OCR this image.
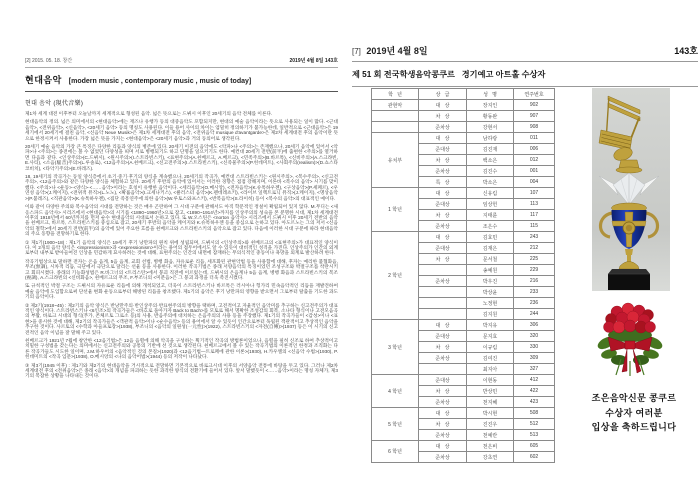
[2] 2015. 05. 18. 창간	2019년 4월 8일 143호
현대음악 [modern music , contemporary music , music of today]
현대 음악 (現代音樂)

제1차 세계 대전 이후부터 오늘날까지 세계적으로 형성된 음악. 넓은 뜻으로는 드뷔시 이후인 20세기의 음악 전체를 이른다.

현대음악의 정의. 넓은 의미에서의 <현대음악>에는 재즈나 유행가 등의 대중음악도 포함되지만, 현대의 예술 음악이라는 뜻으로 사용되는 일이 많다. <근대음악>, <전위음악>, <신음악>, <20세기 음악> 등의 명칭도 사용된다. 이들 용어 사이의 차이는 엄밀히 정의하기가 불가능한데, 일반적으로 <근대음악>은 19세기에서 20세기에 걸친 음악, <신음악 Neue Musik>은 제1차 세계대전 후의 음악, <전위음악 musique d'avantgarde>은 제2차 세계대전 후의 음악이란 뜻으로 한정시켜서 사용한다. 가장 넓은 뜻을 가지는 <현대음악>은 <20세기 음악>과 거의 동의어로 생각된다.

20세기 예술 음악의 가장 큰 특징은 다양한 리듬과 양식의 병존에 있다. 20세기 이전의 음악에도 <악파>나 <주의>는 존재했으나, 20세기 음악에 있어서 <악파>나 <주의>는 종전에는 볼 수 없었던 다양성을 띠며 서로 병행되기도 하고 단명을 일으키기도 한다. 예컨대 20세기 전반(前半)에 출현한 <주의>를 열거하면 다음과 같다. <인상주의>(C.드뷔시), <원시주의>(I.스트라빈스키), <표현주의>(A.쇤베르크, A.베르크), <민족주의>(B.바르톡), <신비주의>(A.스크랴빈, E.사티), <소음(騷音)주의>(L.루솔로), <12음주의>(A.쇤베르크), <신고전주의>(I.스트라빈스키), <신즉물주의>(P.힌데미트), <사회주의(realism)>(D.쇼스타코비치), <타악기주의>(E.바레즈).

18, 19세기의 작곡가는 동일 양식층에서 초기·중기·후기의 양식을 계속했으나, 20세기의 작곡가, 예컨대 스트라빈스키는 <원시주의>, <복수주의>, <신고전주의>, <12음주의>와 같은 다양한 양식을 체험하고 있다. 20세기 후반의 음악에 있어서는 이러한 경향은 점점 강해지며, 이른바 <복수의 음악> 시기를 맞이했다. <주의>나 <운동>·<양식>·<……음악>이라는 호칭이 유행한 음악이다. <세리음악>(O.메시앙), <전자음악>(K.슈톡하우젠), <구상음악>(P.셰페르), <우연성 음악>(J.케이지), <전위적 뮤직>(L.노노), <확률음악>(I.크세나키스), <클러스터 음악>(K.펜데레츠키), <라이브 일렉트로닉 뮤직>(J.케이지), <명상음악>(P.불레즈), <직관음악>(K.슈톡하우젠), <집단 즉흥연주에 의한 음악>(W.루토스와프스키), <반복음악>(S.라이히) 등이 <복수의 음악>의 대표적인 예이다.

이와 같이 다양한 주의와 복수음악의 시대를 전망하는 것은 매우 곤란하여 그 시대 구분에 관해서도 아직 학문적인 정설이 확립되어 있지 않다. M.무디는 <새옹스파드 음악사> 시리즈에서 <현대음악>의 시기를 <1890~1960년>으로 잡고, <1890~1914년>까지를 인상주의의 성숙을 본 분명한 시대, 제1차 세계대전 이후의 1918년에서 60년까지를 먼저 순수 현대음악의 시대로서 논하고 있다. 또 W.오스틴은 <norton 음악사> 시리즈에서 드뷔시 이후 20세기 전반의 음악을 쇤베르크, 바르톡, 스트라빈스키를 중심으로 잡고, 20세기 후반의 음악을 케이지와 K.슈톡하우젠 등을 중심으로 논하고 있다. 아도르노는 그의 저서 <신음악의 철학>에서 20세기 전반(前半)의 음악에 있어 주요한 흐름을 쇤베르크와 스트라빈스키의 음악으로 잡고 있다. 다음에 이러한 시대 구분에 따라 현대음악의 주요 동향을 전망하기로 한다.

① 제1기(1900~18) : 제1기 음악의 양식은 19세기 후기 낭만파의 원칙 위에 성립되며, 드뷔시의 <인상주의>와 쇤베르크의 <표현주의>가 대표적인 양식이다. 이 2개의 음악 양식은 <impressionism>과 <expressionism>이라는 용어의 접두어에서도 알 수 있듯이 대비적인 성격을 가진다. 인상주의가 인간의 외계로부터 내부로 받아들여진 인상을 민감하게 묘사하려는 것에 대해, 표현주의는 인간의 내면에 잠재하는 무의식적인 충동이나 욕망을 외계로 발산하려 한다.

작곡기법상으로 말하면 전자는 온음 음계, 5음 음계, 교회 선법, 병행 화음, 자유로운 리듬, 세포화된 관현악법 등을 사용함에 대해, 후자는 예리한 불협화음, 무조(無調), 시차적 리듬, 극단에서 극단으로 달리는 선율 등을 사용한다. 이러한 작곡기법은 종래 서양음악의 특징이었던 조성구조와 박절구조를 착란시키고 회피시켰다. 종래의 기능화성법은 R.바그너의 <트리스탄>에서 붕괴 직전에 이르렀는데, 드뷔시의 온음계나 5음 음계, 병행 화음과 스트라빈스키의 복조(複調), A.스크랴빈의 <신비화음>, 쇤베르크의 무조, F.부조니의 <미분음>은 그 붕괴 과정을 더욱 촉진시켰다.

또 규칙적인 박절 구조는 드뷔시의 자유로운 리듬에 의해 개척되었고, 더욱이 스트라빈스키나 바르톡은 러시아나 헝가리 민속음악적인 리듬을 재발견하여 예술 음악에 도입함으로써 단선율 변화 운동으로부터 해방된 리듬을 창조했다. 제1기의 음악은 후기 낭만파의 영향을 받으면서 그로부터 탈출을 기도한 과도기의 음악이다.

② 제2기(1918~45) : 제2기의 음악 양식은 반낭만주의·반인상주의·반표현주의의 방향을 택하며, 고전적이고 자율적인 음악미를 추구하는 신고전주의가 대표적인 양식이다. 스트라빈스키나 <6인조>의 작곡가들은 <바흐로 돌아가자 Back to Bach>를 모토로 해서 명확한 조성감의 회복, 소나타 형식이나 고전모음곡의 부활, 바로크 시대의 형식(푸가, 콘체르토 그로소 등)의 사용, 반음주의에 대치하는 온음주의의 사용 등을 주장했다. 제1기의 작곡가들이 <감성>이나 <표현>을 중시한 것에 대해, 제2기의 작곡가들은 <객관적 음악>이나 <순수음악> 등의 용어에서 알 수 있듯이 인간으로부터 독립된 객관적이고 추상적인 음악을 추구한 것이다. 사르토의 <수학과 아들프로장>(1938), 부조니의 <음악의 일원성(一元性)>(1922), 스트라빈스키의 <자전(自傳)>(1937) 등은 이 시기의 신고전적인 음악 이념을 잘 말해 주고 있다.

쇤베르크가 1921년 7월에 창안한 <12음기법>은 12음 음렬에 의해 악곡을 구성하는 획기적인 작곡의 방법론이었으나, 음렬을 필히 신조로 하여 추상적이고 치밀한 구성법을 갖는다는 의미에서는 신고전주의와 공통의 기반에 선 것으로 생각된다. 쇤베르크에서 볼 수 있는 작곡기법의 이론적인 한정과 조직화는 다른 작곡가들도 시도한 일이며, J.M.하우어의 <음악적인 것의 본질>(1920)과 <12음기법—트로페에 관한 이론>(1930), H.카우엘의 <신음악 수법>(1930), P.힌데미트의 <작곡 입문>(1938), O.메시앙의 <나의 음악어법>(1944) 등의 저작이 나타났다.

③ 제3기(1945 이후) : 제1기와 제2기의 현대음악을 거시적으로 전망하면 기본적으로 바로크시대 이후의 서양음악 전통에 바탕을 두고 있다. 그러나 제2차 세계대전 후의 <전위음악>은 종래 <음악>의 개념을 파괴하는 듯한 과격한 양식의 전환기에 들어서 있다. 앞서 말했듯이 <……음악>이라는 명칭 자체가, 제3기의 복잡한 상황을 나타내는 것이다.

[7] 2019년 4월 8일	143호
제 51 회 전국학생음악콩쿠르   경기예고 아트홀 수상자
학   년	상   급	성   명	연주번호
관현악	대   상	장지인	902
	차   상	황동완	907
	준차상	강현서	908
유치부	대   상	남하랑	011
	준대상	김진재	006
	차   상	백소은	012
	준차상	김진수	001
	특   상	박소은	004
1 학년	대   상	신유림	107
	준대상	임상헌	113
	차   상	지태륜	117
	준차상	조은수	115
2 학년	대   상	김효민	243
	준대상	김재은	212
	차   상	문서철	225
		송예원	229
	준차상	박우진	216
		박상윤	233
		노정현	236
		김지원	244
3 학년	대   상	박지유	306
	준대상	문지효	320
	차   상	이규림	330
	준차상	김여진	309
		최지아	327
4 학년	준대상	이현동	412
	차   상	반상민	422
	준차상	천지혜	423
5 학년	대   상	박시현	508
	차   상	진진우	512
	준차상	천예란	513
6 학년	대   상	천은비	605
	준차상	강초연	602
조은음악신문 콩쿠르
수상자 여러분
입상을 축하드립니다
